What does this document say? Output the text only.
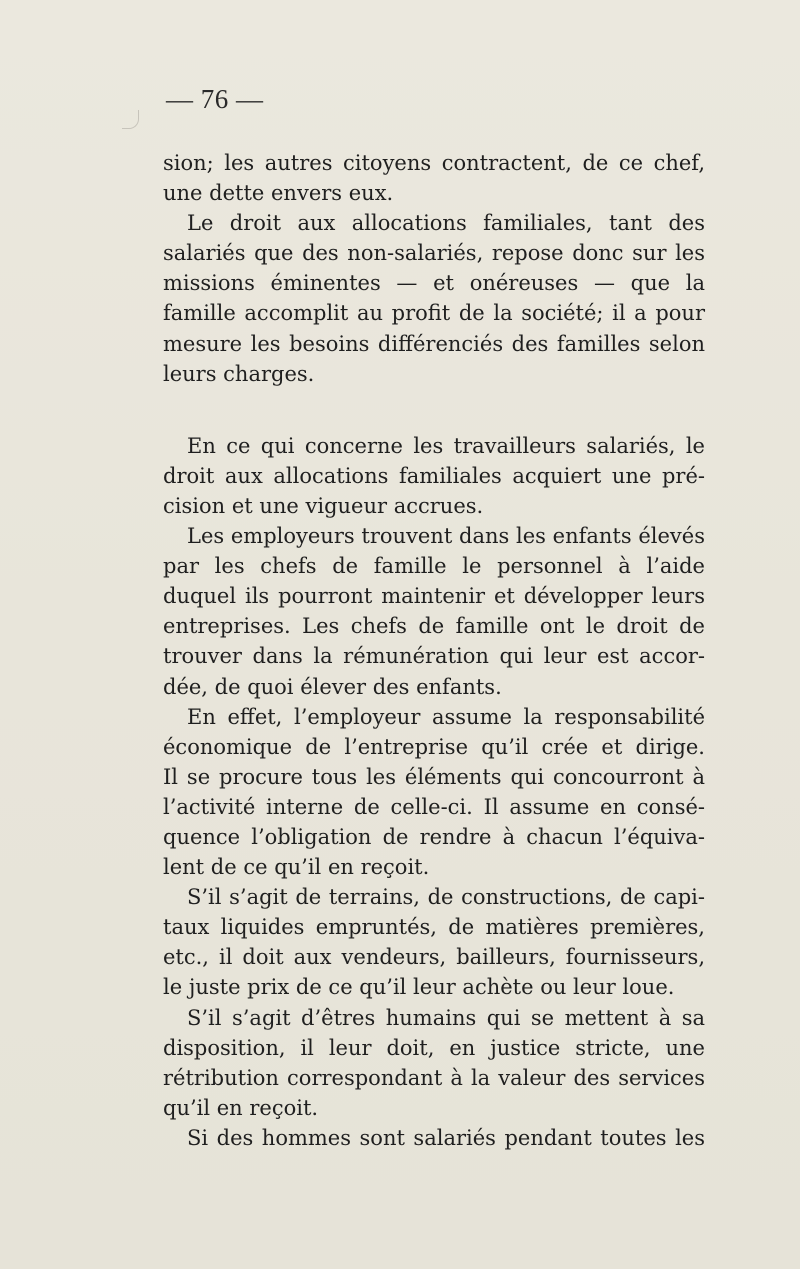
— 76 —
sion; les autres citoyens contractent, de ce chef,
une dette envers eux.
Le droit aux allocations familiales, tant des
salariés que des non-salariés, repose donc sur les
missions éminentes — et onéreuses — que la
famille accomplit au profit de la société; il a pour
mesure les besoins différenciés des familles selon
leurs charges.
En ce qui concerne les travailleurs salariés, le
droit aux allocations familiales acquiert une pré-
cision et une vigueur accrues.
Les employeurs trouvent dans les enfants élevés
par les chefs de famille le personnel à l’aide
duquel ils pourront maintenir et développer leurs
entreprises. Les chefs de famille ont le droit de
trouver dans la rémunération qui leur est accor-
dée, de quoi élever des enfants.
En effet, l’employeur assume la responsabilité
économique de l’entreprise qu’il crée et dirige.
Il se procure tous les éléments qui concourront à
l’activité interne de celle-ci. Il assume en consé-
quence l’obligation de rendre à chacun l’équiva-
lent de ce qu’il en reçoit.
S’il s’agit de terrains, de constructions, de capi-
taux liquides empruntés, de matières premières,
etc., il doit aux vendeurs, bailleurs, fournisseurs,
le juste prix de ce qu’il leur achète ou leur loue.
S’il s’agit d’êtres humains qui se mettent à sa
disposition, il leur doit, en justice stricte, une
rétribution correspondant à la valeur des services
qu’il en reçoit.
Si des hommes sont salariés pendant toutes les
